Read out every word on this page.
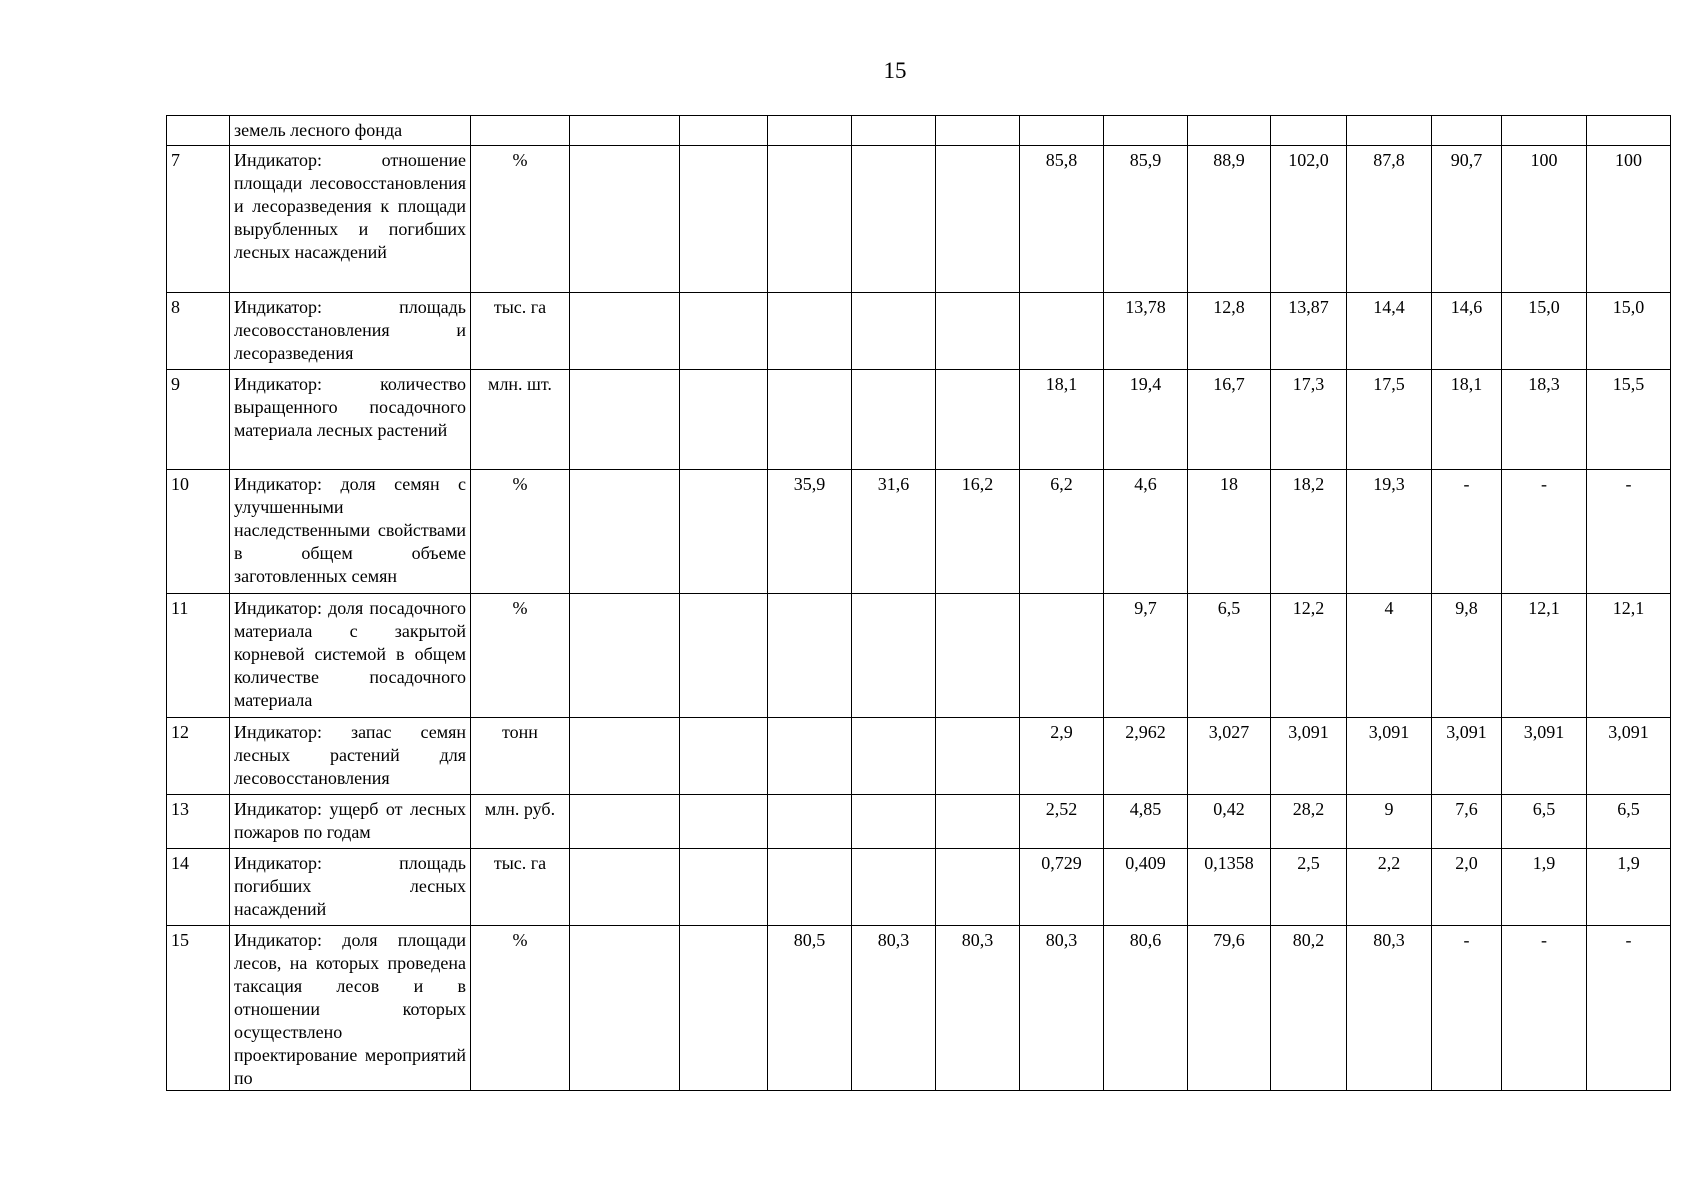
15
	земель лесного фонда														
7	Индикатор: отношение площади лесовосстановления и лесоразведения к площади вырубленных и погибших лесных насаждений	%						85,8	85,9	88,9	102,0	87,8	90,7	100	100
8	Индикатор: площадь лесовосстановления и лесоразведения	тыс. га							13,78	12,8	13,87	14,4	14,6	15,0	15,0
9	Индикатор: количество выращенного посадочного материала лесных растений	млн. шт.						18,1	19,4	16,7	17,3	17,5	18,1	18,3	15,5
10	Индикатор: доля семян с улучшенными наследственными свойствами в общем объеме заготовленных семян	%			35,9	31,6	16,2	6,2	4,6	18	18,2	19,3	-	-	-
11	Индикатор: доля посадочного материала с закрытой корневой системой в общем количестве посадочного материала	%							9,7	6,5	12,2	4	9,8	12,1	12,1
12	Индикатор: запас семян лесных растений для лесовосстановления	тонн						2,9	2,962	3,027	3,091	3,091	3,091	3,091	3,091
13	Индикатор: ущерб от лесных пожаров по годам	млн. руб.						2,52	4,85	0,42	28,2	9	7,6	6,5	6,5
14	Индикатор: площадь погибших лесных насаждений	тыс. га						0,729	0,409	0,1358	2,5	2,2	2,0	1,9	1,9
15	Индикатор: доля площади лесов, на которых проведена таксация лесов и в отношении которых осуществлено проектирование мероприятий по	%			80,5	80,3	80,3	80,3	80,6	79,6	80,2	80,3	-	-	-
